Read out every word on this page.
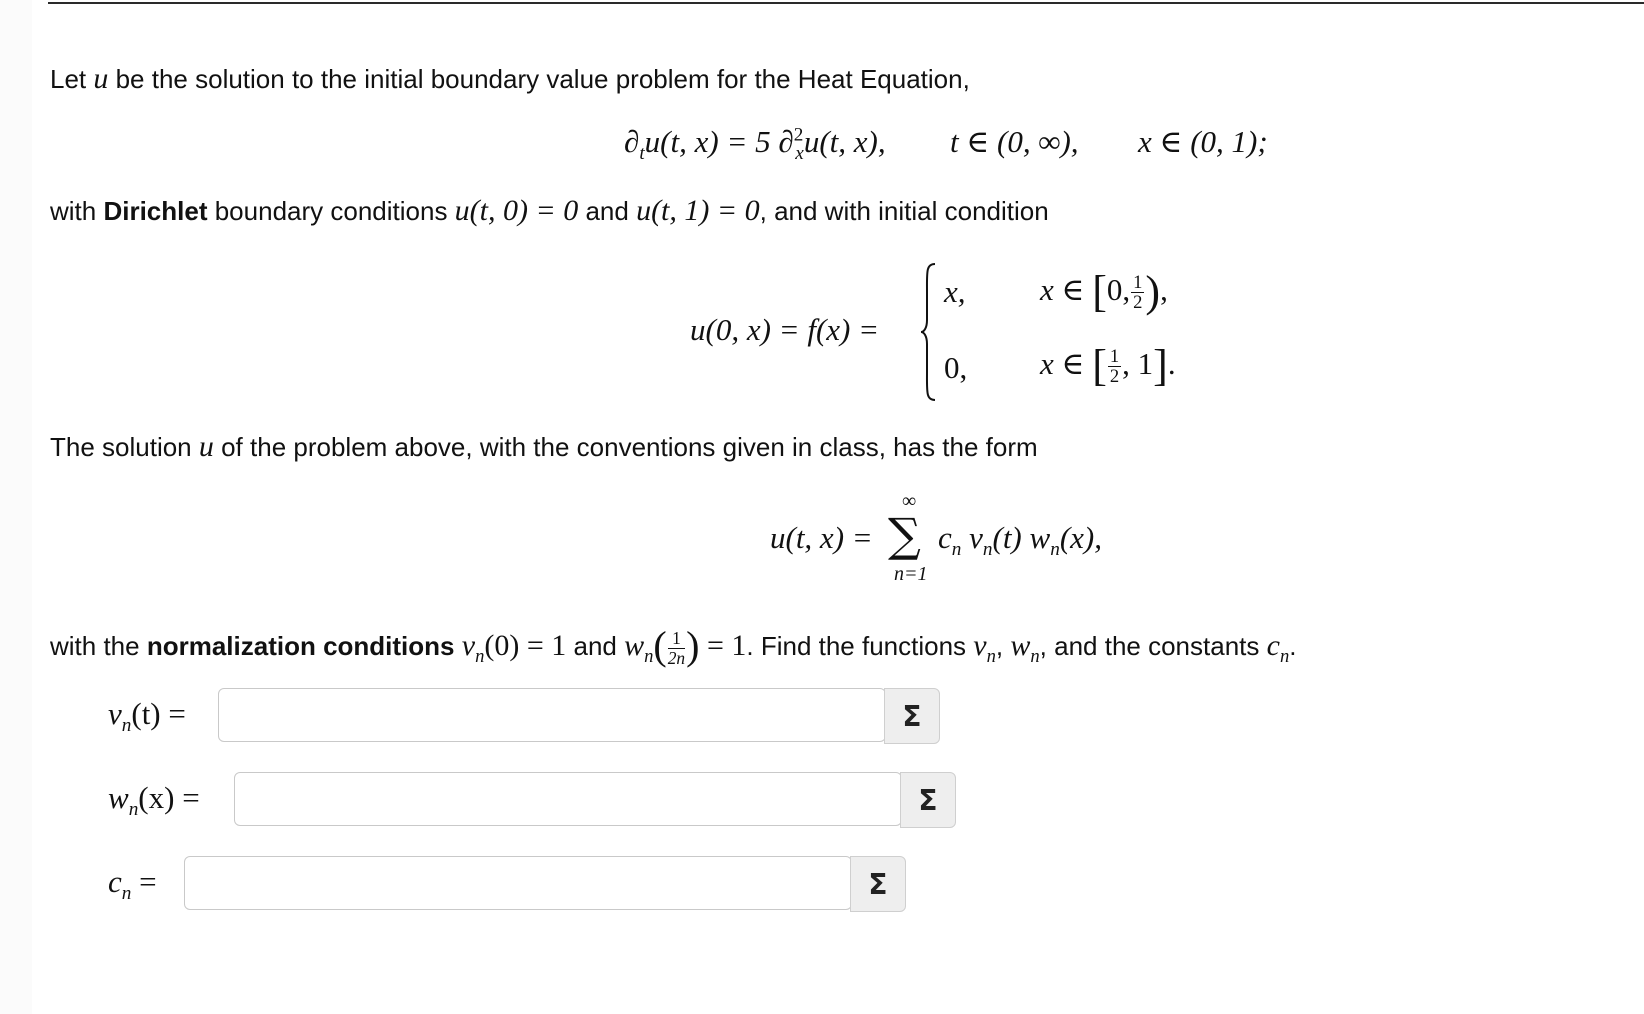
Let u be the solution to the initial boundary value problem for the Heat Equation,
$\partial_tu(t$, x) = 5 ∂$^2_x$u(t, x), t ∈ (0, ∞), x ∈ (0, 1);
with Dirichlet boundary conditions u(t, 0) = 0 and u(t, 1) = 0, and with initial condition
u(0, x) = f(x) =
x, x ∈ [0, $\frac{1}{2}$ ),
0, x ∈ [ $\frac{1}{2}$ , 1].
The solution u of the problem above, with the conventions given in class, has the form
u(t, x) =
∞
∑
n=1
$c_n$ $v_n(t)$ $w_n(x)$,
with the normalization conditions $v_n(0) = 1$ and $w_n( \frac{1}{2n}$ ) = 1. Find the functions $v_n$, $w_n$, and the constants $c_n$.
$v_n(t)$ =	Σ
$w_n(x)$ =	Σ
$c_n$ =	Σ
